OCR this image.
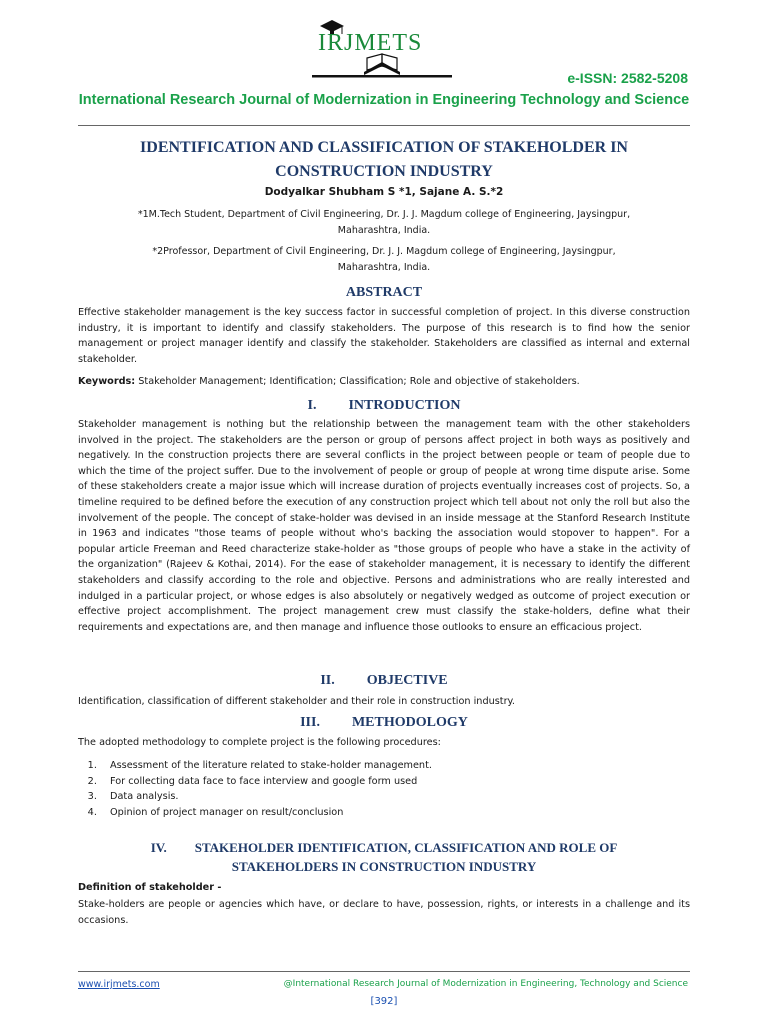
IRJMETS
e-ISSN: 2582-5208
International Research Journal of Modernization in Engineering Technology and Science
IDENTIFICATION AND CLASSIFICATION OF STAKEHOLDER IN
CONSTRUCTION INDUSTRY
Dodyalkar Shubham S *1, Sajane A. S.*2
*1M.Tech Student, Department of Civil Engineering, Dr. J. J. Magdum college of Engineering, Jaysingpur,
Maharashtra, India.
*2Professor, Department of Civil Engineering, Dr. J. J. Magdum college of Engineering, Jaysingpur,
Maharashtra, India.
ABSTRACT
Effective stakeholder management is the key success factor in successful completion of project. In this diverse construction industry, it is important to identify and classify stakeholders. The purpose of this research is to find how the senior management or project manager identify and classify the stakeholder. Stakeholders are classified as internal and external stakeholder.
Keywords: Stakeholder Management; Identification; Classification; Role and objective of stakeholders.
I. INTRODUCTION
Stakeholder management is nothing but the relationship between the management team with the other stakeholders involved in the project. The stakeholders are the person or group of persons affect project in both ways as positively and negatively. In the construction projects there are several conflicts in the project between people or team of people due to which the time of the project suffer. Due to the involvement of people or group of people at wrong time dispute arise. Some of these stakeholders create a major issue which will increase duration of projects eventually increases cost of projects. So, a timeline required to be defined before the execution of any construction project which tell about not only the roll but also the involvement of the people. The concept of stake-holder was devised in an inside message at the Stanford Research Institute in 1963 and indicates "those teams of people without who's backing the association would stopover to happen". For a popular article Freeman and Reed characterize stake-holder as "those groups of people who have a stake in the activity of the organization" (Rajeev & Kothai, 2014). For the ease of stakeholder management, it is necessary to identify the different stakeholders and classify according to the role and objective. Persons and administrations who are really interested and indulged in a particular project, or whose edges is also absolutely or negatively wedged as outcome of project execution or effective project accomplishment. The project management crew must classify the stake-holders, define what their requirements and expectations are, and then manage and influence those outlooks to ensure an efficacious project.
II. OBJECTIVE
Identification, classification of different stakeholder and their role in construction industry.
III. METHODOLOGY
The adopted methodology to complete project is the following procedures:
1. Assessment of the literature related to stake-holder management.
2. For collecting data face to face interview and google form used
3. Data analysis.
4. Opinion of project manager on result/conclusion
IV. STAKEHOLDER IDENTIFICATION, CLASSIFICATION AND ROLE OF
STAKEHOLDERS IN CONSTRUCTION INDUSTRY
Definition of stakeholder -
Stake-holders are people or agencies which have, or declare to have, possession, rights, or interests in a challenge and its occasions.
www.irjmets.com	@International Research Journal of Modernization in Engineering, Technology and Science
[392]
